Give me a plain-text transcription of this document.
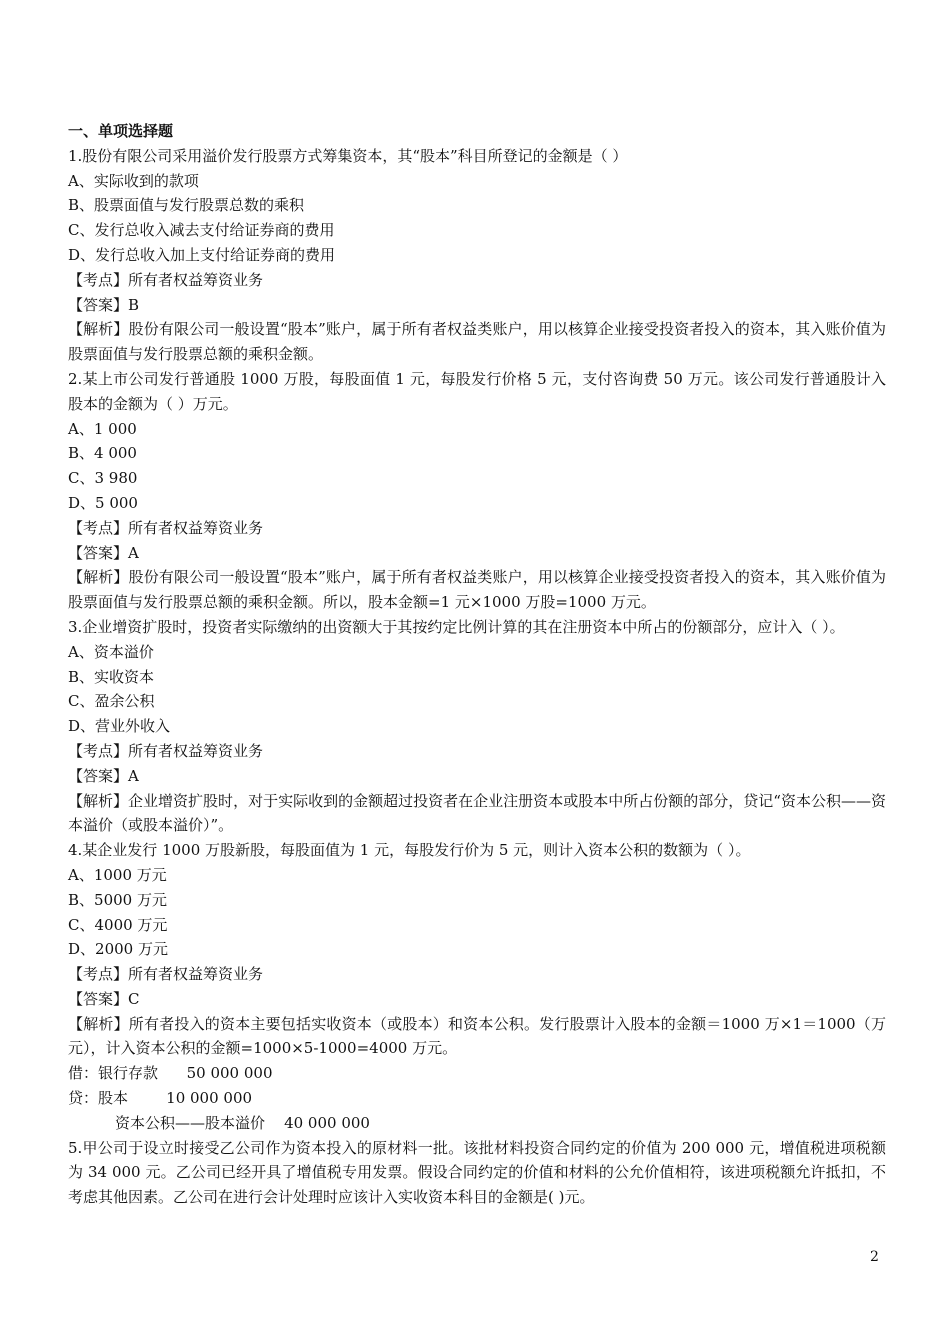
一、单项选择题

1.股份有限公司采用溢价发行股票方式筹集资本，其“股本”科目所登记的金额是（ ）

A、实际收到的款项

B、股票面值与发行股票总数的乘积

C、发行总收入减去支付给证券商的费用

D、发行总收入加上支付给证券商的费用

【考点】所有者权益筹资业务

【答案】B

【解析】股份有限公司一般设置“股本”账户，属于所有者权益类账户，用以核算企业接受投资者投入的资本，其入账价值为股票面值与发行股票总额的乘积金额。

2.某上市公司发行普通股 1000 万股，每股面值 1 元，每股发行价格 5 元，支付咨询费 50 万元。该公司发行普通股计入股本的金额为（ ）万元。

A、1 000

B、4 000

C、3 980

D、5 000

【考点】所有者权益筹资业务

【答案】A

【解析】股份有限公司一般设置“股本”账户，属于所有者权益类账户，用以核算企业接受投资者投入的资本，其入账价值为股票面值与发行股票总额的乘积金额。所以，股本金额=1 元×1000 万股=1000 万元。

3.企业增资扩股时，投资者实际缴纳的出资额大于其按约定比例计算的其在注册资本中所占的份额部分，应计入（ ）。

A、资本溢价

B、实收资本

C、盈余公积

D、营业外收入

【考点】所有者权益筹资业务

【答案】A

【解析】企业增资扩股时，对于实际收到的金额超过投资者在企业注册资本或股本中所占份额的部分，贷记“资本公积——资本溢价（或股本溢价）”。

4.某企业发行 1000 万股新股，每股面值为 1 元，每股发行价为 5 元，则计入资本公积的数额为（ ）。

A、1000 万元

B、5000 万元

C、4000 万元

D、2000 万元

【考点】所有者权益筹资业务

【答案】C

【解析】所有者投入的资本主要包括实收资本（或股本）和资本公积。发行股票计入股本的金额＝1000 万×1＝1000（万元），计入资本公积的金额=1000×5-1000=4000 万元。

借：银行存款      50 000 000

贷：股本        10 000 000

资本公积——股本溢价    40 000 000

5.甲公司于设立时接受乙公司作为资本投入的原材料一批。该批材料投资合同约定的价值为 200 000 元，增值税进项税额为 34 000 元。乙公司已经开具了增值税专用发票。假设合同约定的价值和材料的公允价值相符，该进项税额允许抵扣，不考虑其他因素。乙公司在进行会计处理时应该计入实收资本科目的金额是( )元。

2
